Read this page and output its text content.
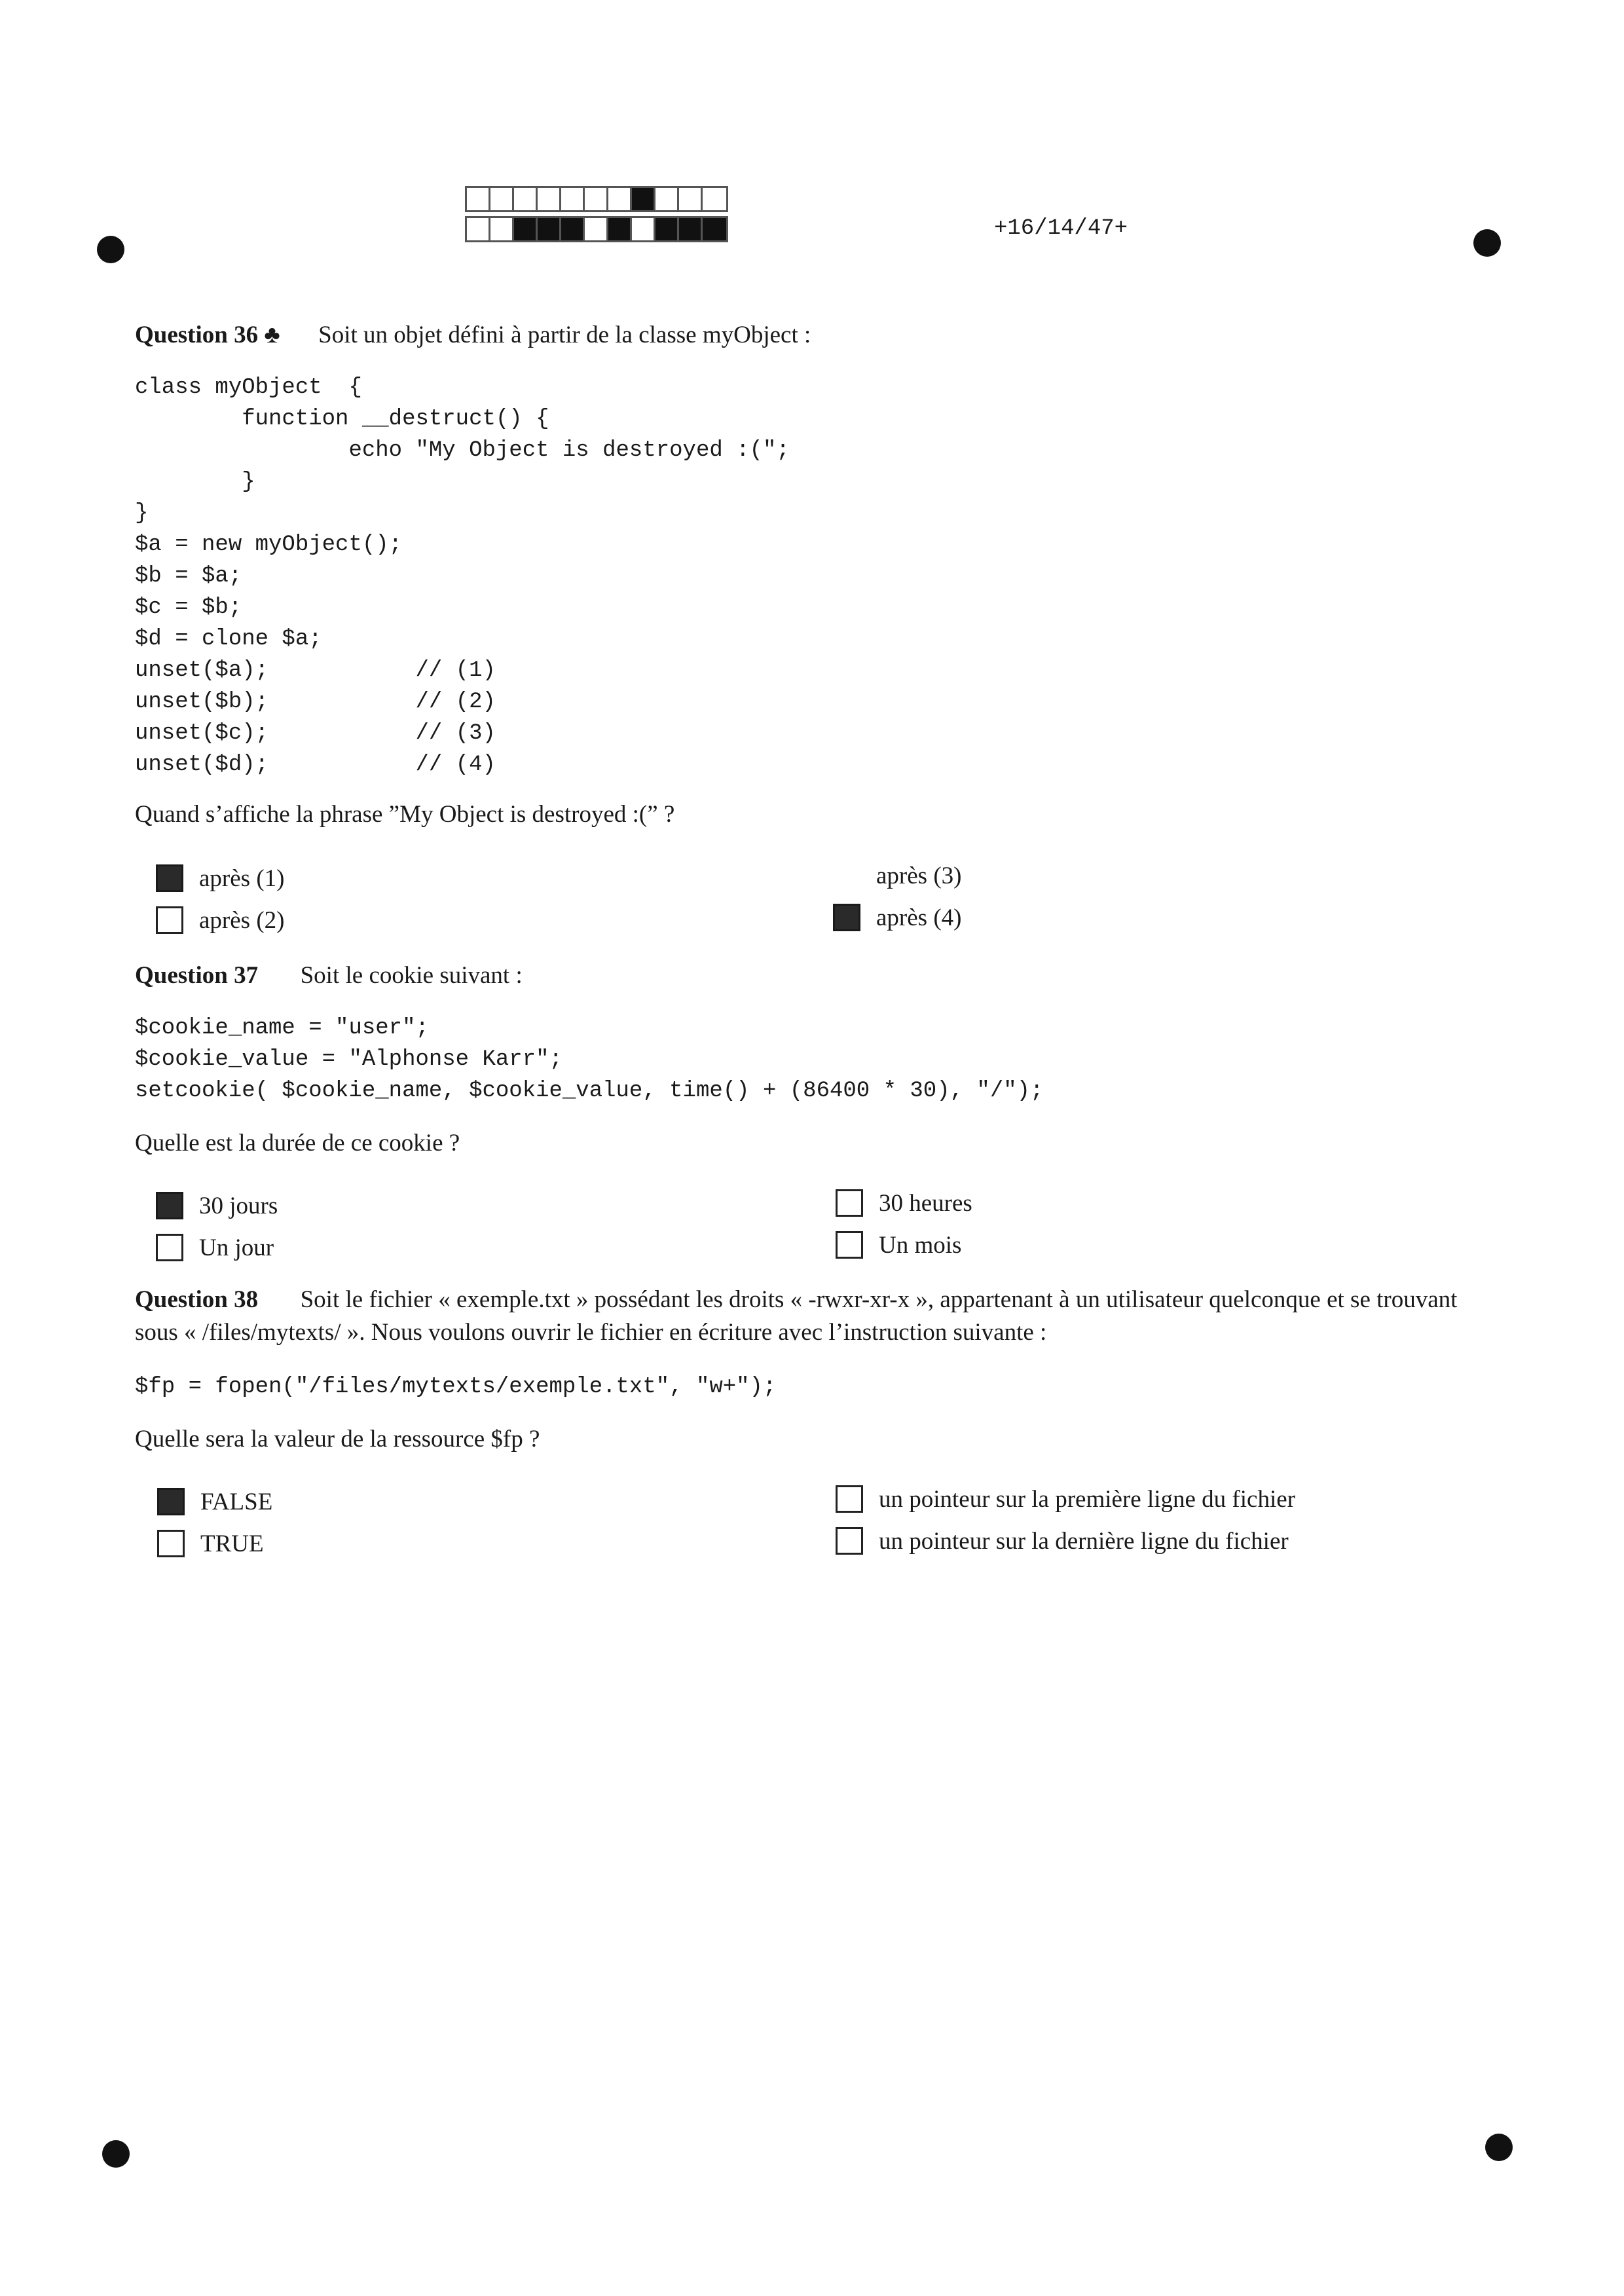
+16/14/47+
Question 36 ♣ Soit un objet défini à partir de la classe myObject :
class myObject  {
function __destruct() {
echo "My Object is destroyed :(";
}
}
$a = new myObject();
$b = $a;
$c = $b;
$d = clone $a;
unset($a);           // (1)
unset($b);           // (2)
unset($c);           // (3)
unset($d);           // (4)
Quand s’affiche la phrase ”My Object is destroyed :(” ?
après (1)
après (2)
après (3)
après (4)
Question 37 Soit le cookie suivant :
$cookie_name = "user";
$cookie_value = "Alphonse Karr";
setcookie( $cookie_name, $cookie_value, time() + (86400 * 30), "/");
Quelle est la durée de ce cookie ?
30 jours
Un jour
30 heures
Un mois
Question 38 Soit le fichier « exemple.txt » possédant les droits « -rwxr-xr-x », appartenant à un utilisateur quelconque et se trouvant sous « /files/mytexts/ ». Nous voulons ouvrir le fichier en écriture avec l’instruction suivante :
$fp = fopen("/files/mytexts/exemple.txt", "w+");
Quelle sera la valeur de la ressource $fp ?
FALSE
TRUE
un pointeur sur la première ligne du fichier
un pointeur sur la dernière ligne du fichier
